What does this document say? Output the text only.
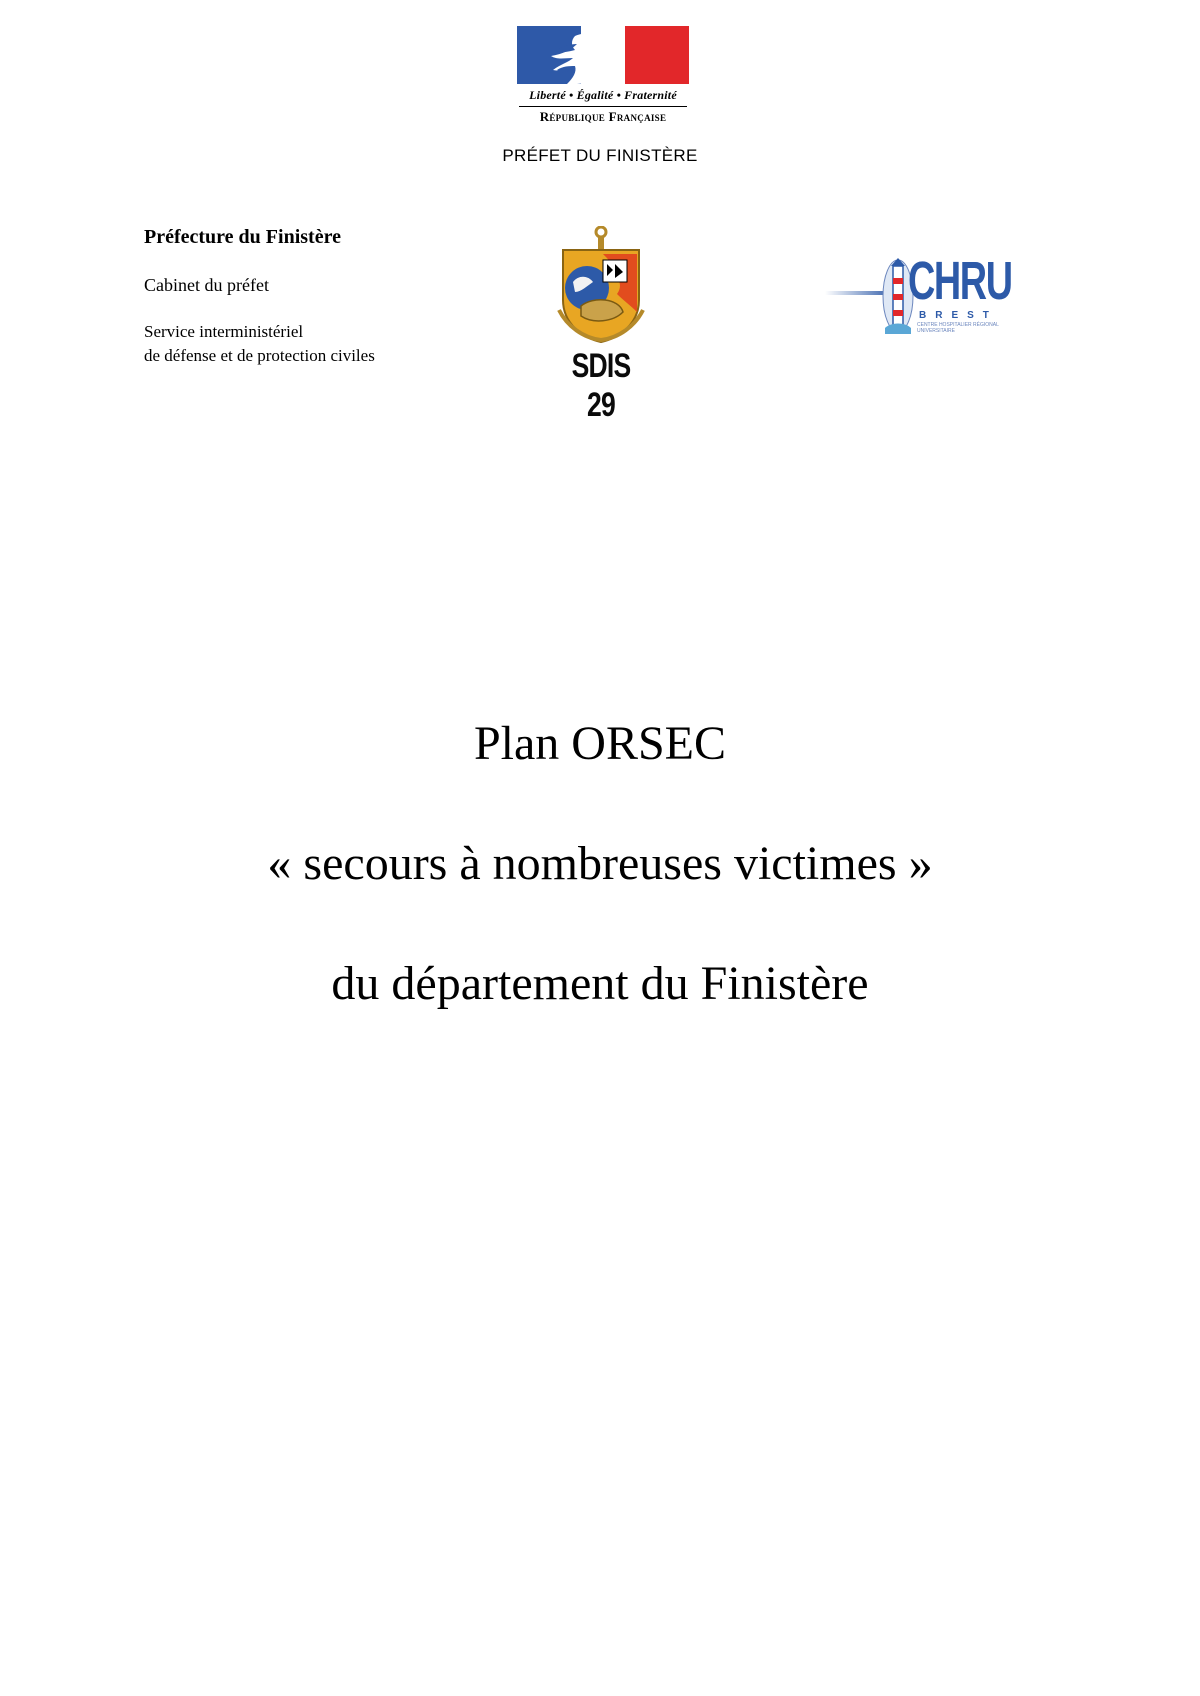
Liberté • Égalité • Fraternité
République Française
PRÉFET DU FINISTÈRE

Préfecture du Finistère

Cabinet du préfet
Service interministériel
de défense et de protection civiles	SDIS 29
CHRU
BREST
CENTRE HOSPITALIER RÉGIONAL UNIVERSITAIRE
Plan ORSEC
« secours à nombreuses victimes »
du département du Finistère
